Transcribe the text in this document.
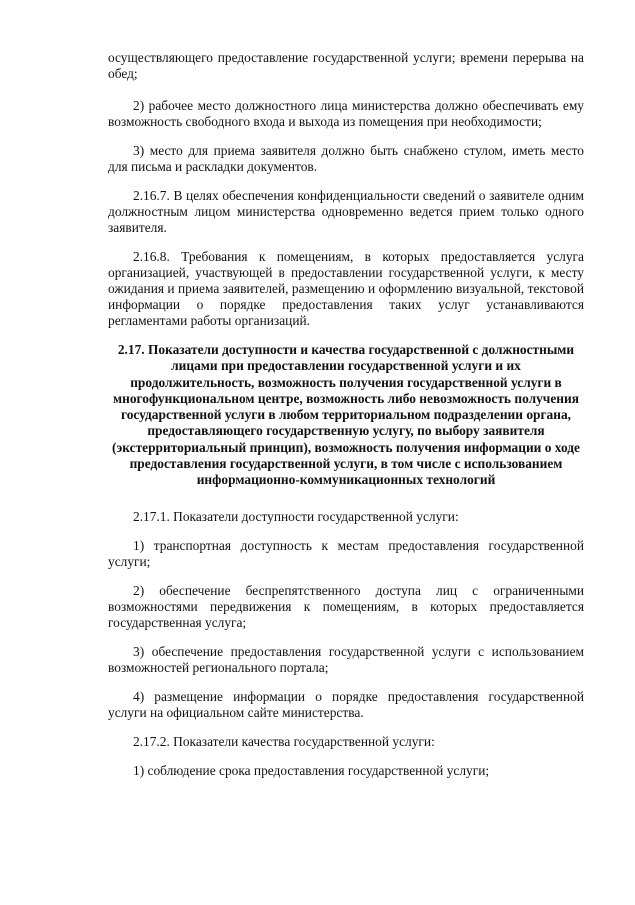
осуществляющего предоставление государственной услуги; времени перерыва на обед;

2) рабочее место должностного лица министерства должно обеспечивать ему возможность свободного входа и выхода из помещения при необходимости;

3) место для приема заявителя должно быть снабжено стулом, иметь место для письма и раскладки документов.

2.16.7. В целях обеспечения конфиденциальности сведений о заявителе одним должностным лицом министерства одновременно ведется прием только одного заявителя.

2.16.8. Требования к помещениям, в которых предоставляется услуга организацией, участвующей в предоставлении государственной услуги, к месту ожидания и приема заявителей, размещению и оформлению визуальной, текстовой информации о порядке предоставления таких услуг устанавливаются регламентами работы организаций.

2.17. Показатели доступности и качества государственной с должностными лицами при предоставлении государственной услуги и их продолжительность, возможность получения государственной услуги в многофункциональном центре, возможность либо невозможность получения государственной услуги в любом территориальном подразделении органа, предоставляющего государственную услугу, по выбору заявителя (экстерриториальный принцип), возможность получения информации о ходе предоставления государственной услуги, в том числе с использованием информационно-коммуникационных технологий

2.17.1. Показатели доступности государственной услуги:

1) транспортная доступность к местам предоставления государственной услуги;

2) обеспечение беспрепятственного доступа лиц с ограниченными возможностями передвижения к помещениям, в которых предоставляется государственная услуга;

3) обеспечение предоставления государственной услуги с использованием возможностей регионального портала;

4) размещение информации о порядке предоставления государственной услуги на официальном сайте министерства.

2.17.2. Показатели качества государственной услуги:

1) соблюдение срока предоставления государственной услуги;
